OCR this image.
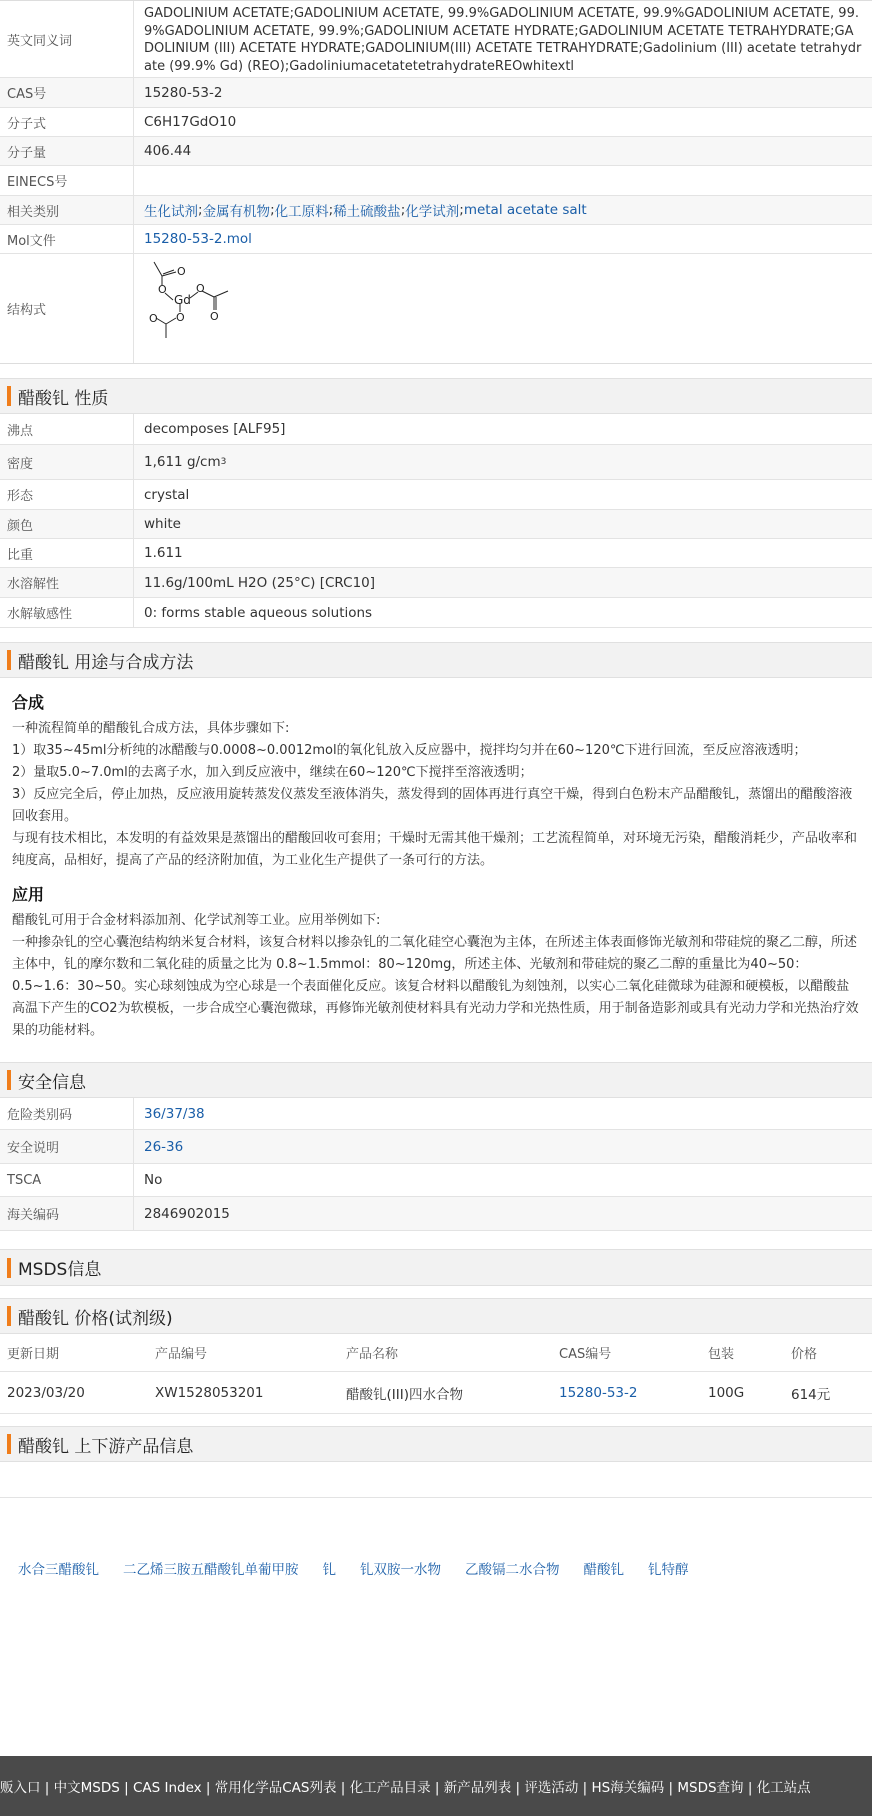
英文同义词
GADOLINIUM ACETATE;GADOLINIUM ACETATE, 99.9%GADOLINIUM ACETATE, 99.9%GADOLINIUM ACETATE, 99.9%GADOLINIUM ACETATE, 99.9%;GADOLINIUM ACETATE HYDRATE;GADOLINIUM ACETATE TETRAHYDRATE;GADOLINIUM (III) ACETATE HYDRATE;GADOLINIUM(III) ACETATE TETRAHYDRATE;Gadolinium (III) acetate tetrahydrate (99.9% Gd) (REO);GadoliniumacetatetetrahydrateREOwhitextl
CAS号	15280-53-2
分子式	C6H17GdO10
分子量	406.44
EINECS号
相关类别	生化试剂 ; 金属有机物 ; 化工原料 ; 稀土硫酸盐 ; 化学试剂 ; metal acetate salt
Mol文件	15280-53-2.mol
结构式
O
O
Gd
O
O
O
O
醋酸钆 性质
沸点	decomposes [ALF95]
密度	1,611 g/cm 3
形态	crystal
颜色	white
比重	1.611
水溶解性	11.6g/100mL H2O (25°C) [CRC10]
水解敏感性	0: forms stable aqueous solutions
醋酸钆 用途与合成方法
合成

一种流程简单的醋酸钆合成方法，具体步骤如下:

1）取35~45ml分析纯的冰醋酸与0.0008~0.0012mol的氧化钆放入反应器中，搅拌均匀并在60~120℃下进行回流，至反应溶液透明；

2）量取5.0~7.0ml的去离子水，加入到反应液中，继续在60~120℃下搅拌至溶液透明；

3）反应完全后，停止加热，反应液用旋转蒸发仪蒸发至液体消失，蒸发得到的固体再进行真空干燥，得到白色粉末产品醋酸钆，蒸馏出的醋酸溶液回收套用。

与现有技术相比，本发明的有益效果是蒸馏出的醋酸回收可套用；干燥时无需其他干燥剂；工艺流程简单，对环境无污染，醋酸消耗少，产品收率和纯度高，品相好，提高了产品的经济附加值，为工业化生产提供了一条可行的方法。

应用

醋酸钆可用于合金材料添加剂、化学试剂等工业。应用举例如下:

一种掺杂钆的空心囊泡结构纳米复合材料，该复合材料以掺杂钆的二氧化硅空心囊泡为主体，在所述主体表面修饰光敏剂和带硅烷的聚乙二醇，所述主体中，钆的摩尔数和二氧化硅的质量之比为 0.8~1.5mmol：80~120mg，所述主体、光敏剂和带硅烷的聚乙二醇的重量比为40~50：0.5~1.6：30~50。实心球刻蚀成为空心球是一个表面催化反应。该复合材料以醋酸钆为刻蚀剂，以实心二氧化硅微球为硅源和硬模板，以醋酸盐高温下产生的CO2为软模板，一步合成空心囊泡微球，再修饰光敏剂使材料具有光动力学和光热性质，用于制备造影剂或具有光动力学和光热治疗效果的功能材料。

安全信息
危险类别码	36/37/38
安全说明	26-36
TSCA	No
海关编码	2846902015
MSDS信息
醋酸钆 价格(试剂级)
更新日期	产品编号	产品名称	CAS编号	包装	价格
2023/03/20	XW1528053201	醋酸钆(III)四水合物	15280-53-2	100G	614元
醋酸钆 上下游产品信息
水合三醋酸钆 二乙烯三胺五醋酸钆单葡甲胺 钆 钆双胺一水物 乙酸镉二水合物 醋酸钆 钆特醇
贩入口 | 中文MSDS | CAS Index | 常用化学品CAS列表 | 化工产品目录 | 新产品列表 | 评选活动 | HS海关编码 | MSDS查询 | 化工站点
